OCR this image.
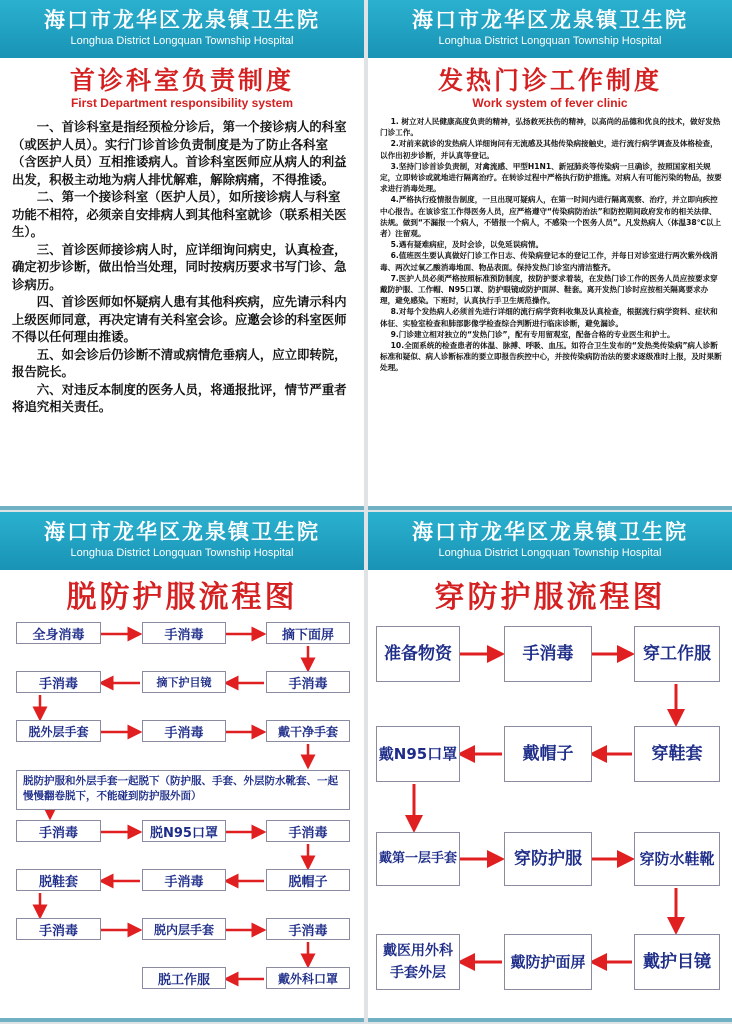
海口市龙华区龙泉镇卫生院
Longhua District Longquan Township Hospital
首诊科室负责制度
First Department responsibility system

一、首诊科室是指经预检分诊后，第一个接诊病人的科室（或医护人员）。实行门诊首诊负责制度是为了防止各科室（含医护人员）互相推诿病人。首诊科室医师应从病人的利益出发，积极主动地为病人排忧解难，解除病痛，不得推诿。

二、第一个接诊科室（医护人员），如所接诊病人与科室功能不相符，必须亲自安排病人到其他科室就诊（联系相关医生）。

三、首诊医师接诊病人时，应详细询问病史，认真检查，确定初步诊断，做出恰当处理，同时按病历要求书写门诊、急诊病历。

四、首诊医师如怀疑病人患有其他科疾病，应先请示科内上级医师同意，再决定请有关科室会诊。应邀会诊的科室医师不得以任何理由推诿。

五、如会诊后仍诊断不清或病情危垂病人，应立即转院，报告院长。

六、对违反本制度的医务人员，将通报批评，情节严重者将追究相关责任。

海口市龙华区龙泉镇卫生院
Longhua District Longquan Township Hospital
发热门诊工作制度
Work system of fever clinic

1. 树立对人民健康高度负责的精神，弘扬救死扶伤的精神，以高尚的品德和优良的技术，做好发热门诊工作。

2.对前来就诊的发热病人详细询问有无流感及其他传染病接触史，进行流行病学调查及体格检查，以作出初步诊断，并认真等登记。

3.坚持门诊首诊负责制，对禽流感、甲型H1N1、新冠肺炎等传染病一旦确诊，按照国家相关规定，立即转诊或就地进行隔离治疗。在转诊过程中严格执行防护措施。对病人有可能污染的物品，按要求进行消毒处理。

4.严格执行疫情报告制度，一旦出现可疑病人，在第一时间内进行隔离观察、治疗，并立即向疾控中心报告。在该诊室工作得医务人员，应严格遵守“传染病防治法”和防控期间政府发布的相关法律、法规。做到“不漏报一个病人，不错报一个病人，不感染一个医务人员”。凡发热病人（体温38℃以上者）注留观。

5.遇有疑难病症，及时会诊，以免延误病情。

6.值班医生要认真做好门诊工作日志、传染病登记本的登记工作，并每日对诊室进行两次紫外线消毒、两次过氧乙酸消毒地面、物品表面。保持发热门诊室内清洁整齐。

7.医护人员必须严格按照标准预防制度，按防护要求着装，在发热门诊工作的医务人员应按要求穿戴防护服、工作帽、N95口罩、防护眼镜或防护面屏、鞋套。离开发热门诊时应按相关隔离要求办理，避免感染。下班时，认真执行手卫生规范操作。

8.对每个发热病人必须首先进行详细的流行病学资料收集及认真检查，根据流行病学资料、症状和体征、实验室检查和肺部影像学检查综合判断进行临床诊断，避免漏诊。

9.门诊建立相对独立的“发热门诊”，配有专用留观室，配备合格的专业医生和护士。

10.全面系统的检查患者的体温、脉搏、呼吸、血压。如符合卫生发布的“发热类传染病”病人诊断标准和疑似、病人诊断标准的要立即报告疾控中心，并按传染病防治法的要求逐级准时上报，及时果断处理。

海口市龙华区龙泉镇卫生院
Longhua District Longquan Township Hospital
脱防护服流程图
全身消毒	手消毒	摘下面屏
手消毒	摘下护目镜	手消毒
脱外层手套	手消毒	戴干净手套
脱防护服和外层手套一起脱下（防护服、手套、外层防水靴套、一起慢慢翻卷脱下，不能碰到防护服外面）
手消毒	脱N95口罩	手消毒
脱鞋套	手消毒	脱帽子
手消毒	脱内层手套	手消毒
脱工作服	戴外科口罩
海口市龙华区龙泉镇卫生院
Longhua District Longquan Township Hospital
穿防护服流程图
准备物资	手消毒	穿工作服
戴N95口罩	戴帽子	穿鞋套
戴第一层手套	穿防护服	穿防水鞋靴
戴医用外科手套外层
戴防护面屏	戴护目镜
